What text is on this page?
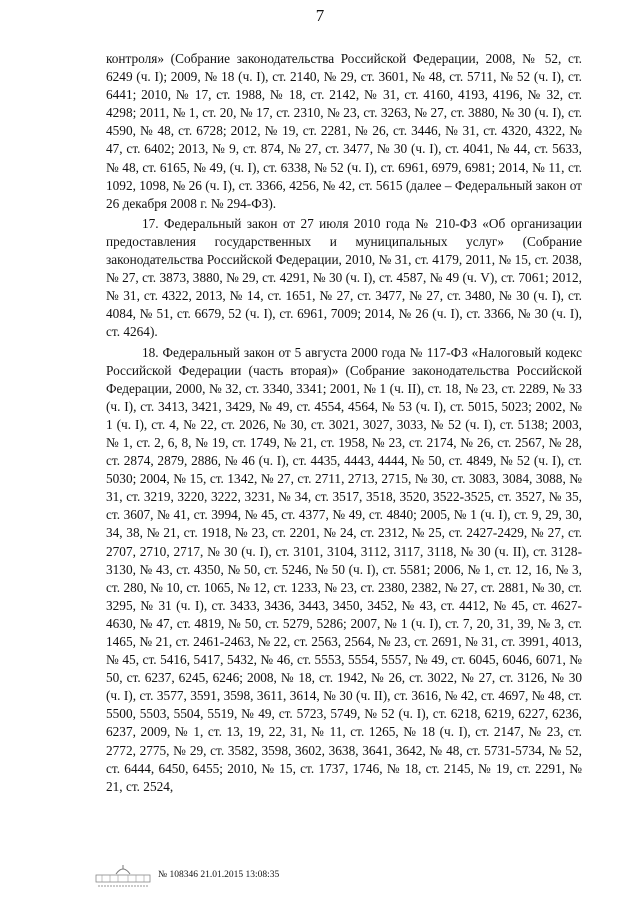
7

контроля» (Собрание законодательства Российской Федерации, 2008, № 52, ст. 6249 (ч. I); 2009, № 18 (ч. I), ст. 2140, № 29, ст. 3601, № 48, ст. 5711, № 52 (ч. I), ст. 6441; 2010, № 17, ст. 1988, № 18, ст. 2142, № 31, ст. 4160, 4193, 4196, № 32, ст. 4298; 2011, № 1, ст. 20, № 17, ст. 2310, № 23, ст. 3263, № 27, ст. 3880, № 30 (ч. I), ст. 4590, № 48, ст. 6728; 2012, № 19, ст. 2281, № 26, ст. 3446, № 31, ст. 4320, 4322, № 47, ст. 6402; 2013, № 9, ст. 874, № 27, ст. 3477, № 30 (ч. I), ст. 4041, № 44, ст. 5633, № 48, ст. 6165, № 49, (ч. I), ст. 6338, № 52 (ч. I), ст. 6961, 6979, 6981; 2014, № 11, ст. 1092, 1098, № 26 (ч. I), ст. 3366, 4256, № 42, ст. 5615 (далее – Федеральный закон от 26 декабря 2008 г. № 294-ФЗ).

17. Федеральный закон от 27 июля 2010 года № 210-ФЗ «Об организации предоставления государственных и муниципальных услуг» (Собрание законодательства Российской Федерации, 2010, № 31, ст. 4179, 2011, № 15, ст. 2038, № 27, ст. 3873, 3880, № 29, ст. 4291, № 30 (ч. I), ст. 4587, № 49 (ч. V), ст. 7061; 2012, № 31, ст. 4322, 2013, № 14, ст. 1651, № 27, ст. 3477, № 27, ст. 3480, № 30 (ч. I), ст. 4084, № 51, ст. 6679, 52 (ч. I), ст. 6961, 7009; 2014, № 26 (ч. I), ст. 3366, № 30 (ч. I), ст. 4264).

18. Федеральный закон от 5 августа 2000 года № 117-ФЗ «Налоговый кодекс Российской Федерации (часть вторая)» (Собрание законодательства Российской Федерации, 2000, № 32, ст. 3340, 3341; 2001, № 1 (ч. II), ст. 18, № 23, ст. 2289, № 33 (ч. I), ст. 3413, 3421, 3429, № 49, ст. 4554, 4564, № 53 (ч. I), ст. 5015, 5023; 2002, № 1 (ч. I), ст. 4, № 22, ст. 2026, № 30, ст. 3021, 3027, 3033, № 52 (ч. I), ст. 5138; 2003, № 1, ст. 2, 6, 8, № 19, ст. 1749, № 21, ст. 1958, № 23, ст. 2174, № 26, ст. 2567, № 28, ст. 2874, 2879, 2886, № 46 (ч. I), ст. 4435, 4443, 4444, № 50, ст. 4849, № 52 (ч. I), ст. 5030; 2004, № 15, ст. 1342, № 27, ст. 2711, 2713, 2715, № 30, ст. 3083, 3084, 3088, № 31, ст. 3219, 3220, 3222, 3231, № 34, ст. 3517, 3518, 3520, 3522-3525, ст. 3527, № 35, ст. 3607, № 41, ст. 3994, № 45, ст. 4377, № 49, ст. 4840; 2005, № 1 (ч. I), ст. 9, 29, 30, 34, 38, № 21, ст. 1918, № 23, ст. 2201, № 24, ст. 2312, № 25, ст. 2427-2429, № 27, ст. 2707, 2710, 2717, № 30 (ч. I), ст. 3101, 3104, 3112, 3117, 3118, № 30 (ч. II), ст. 3128-3130, № 43, ст. 4350, № 50, ст. 5246, № 50 (ч. I), ст. 5581; 2006, № 1, ст. 12, 16, № 3, ст. 280, № 10, ст. 1065, № 12, ст. 1233, № 23, ст. 2380, 2382, № 27, ст. 2881, № 30, ст. 3295, № 31 (ч. I), ст. 3433, 3436, 3443, 3450, 3452, № 43, ст. 4412, № 45, ст. 4627-4630, № 47, ст. 4819, № 50, ст. 5279, 5286; 2007, № 1 (ч. I), ст. 7, 20, 31, 39, № 3, ст. 1465, № 21, ст. 2461-2463, № 22, ст. 2563, 2564, № 23, ст. 2691, № 31, ст. 3991, 4013, № 45, ст. 5416, 5417, 5432, № 46, ст. 5553, 5554, 5557, № 49, ст. 6045, 6046, 6071, № 50, ст. 6237, 6245, 6246; 2008, № 18, ст. 1942, № 26, ст. 3022, № 27, ст. 3126, № 30 (ч. I), ст. 3577, 3591, 3598, 3611, 3614, № 30 (ч. II), ст. 3616, № 42, ст. 4697, № 48, ст. 5500, 5503, 5504, 5519, № 49, ст. 5723, 5749, № 52 (ч. I), ст. 6218, 6219, 6227, 6236, 6237, 2009, № 1, ст. 13, 19, 22, 31, № 11, ст. 1265, № 18 (ч. I), ст. 2147, № 23, ст. 2772, 2775, № 29, ст. 3582, 3598, 3602, 3638, 3641, 3642, № 48, ст. 5731-5734, № 52, ст. 6444, 6450, 6455; 2010, № 15, ст. 1737, 1746, № 18, ст. 2145, № 19, ст. 2291, № 21, ст. 2524,

№ 108346 21.01.2015 13:08:35
